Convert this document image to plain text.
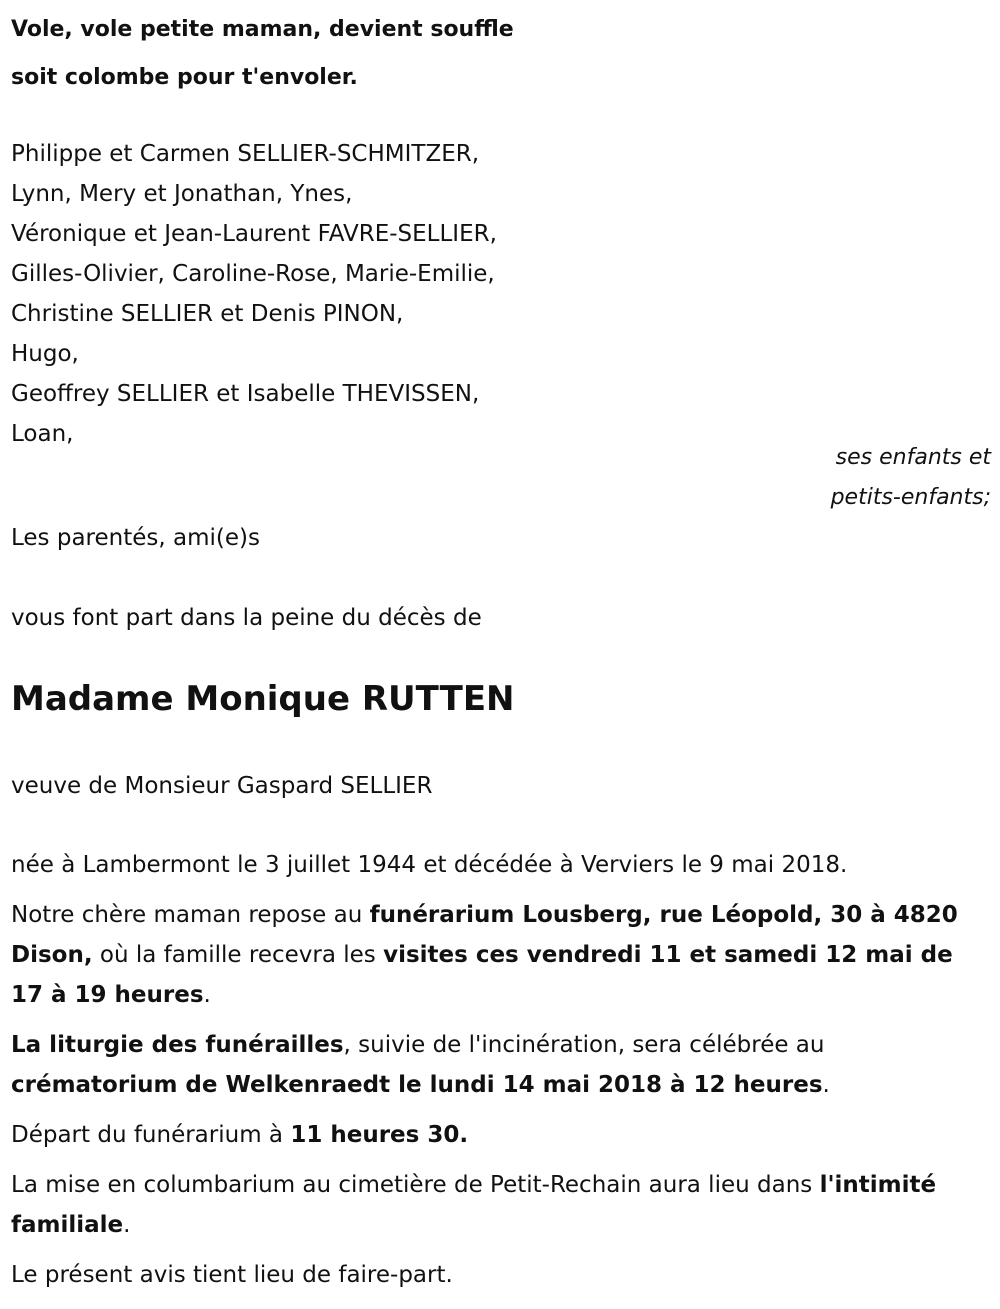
Vole, vole petite maman, devient souffle
soit colombe pour t'envoler.
Philippe et Carmen SELLIER-SCHMITZER,
Lynn, Mery et Jonathan, Ynes,
Véronique et Jean-Laurent FAVRE-SELLIER,
Gilles-Olivier, Caroline-Rose, Marie-Emilie,
Christine SELLIER et Denis PINON,
Hugo,
Geoffrey SELLIER et Isabelle THEVISSEN,
Loan,
ses enfants et
petits-enfants;
Les parentés, ami(e)s
vous font part dans la peine du décès de
Madame Monique RUTTEN
veuve de Monsieur Gaspard SELLIER
née à Lambermont le 3 juillet 1944 et décédée à Verviers le 9 mai 2018.

Notre chère maman repose au funérarium Lousberg, rue Léopold, 30 à 4820 Dison, où la famille recevra les visites ces vendredi 11 et samedi 12 mai de 17 à 19 heures.

La liturgie des funérailles, suivie de l'incinération, sera célébrée au crématorium de Welkenraedt le lundi 14 mai 2018 à 12 heures.

Départ du funérarium à 11 heures 30.

La mise en columbarium au cimetière de Petit-Rechain aura lieu dans l'intimité familiale.

Le présent avis tient lieu de faire-part.
